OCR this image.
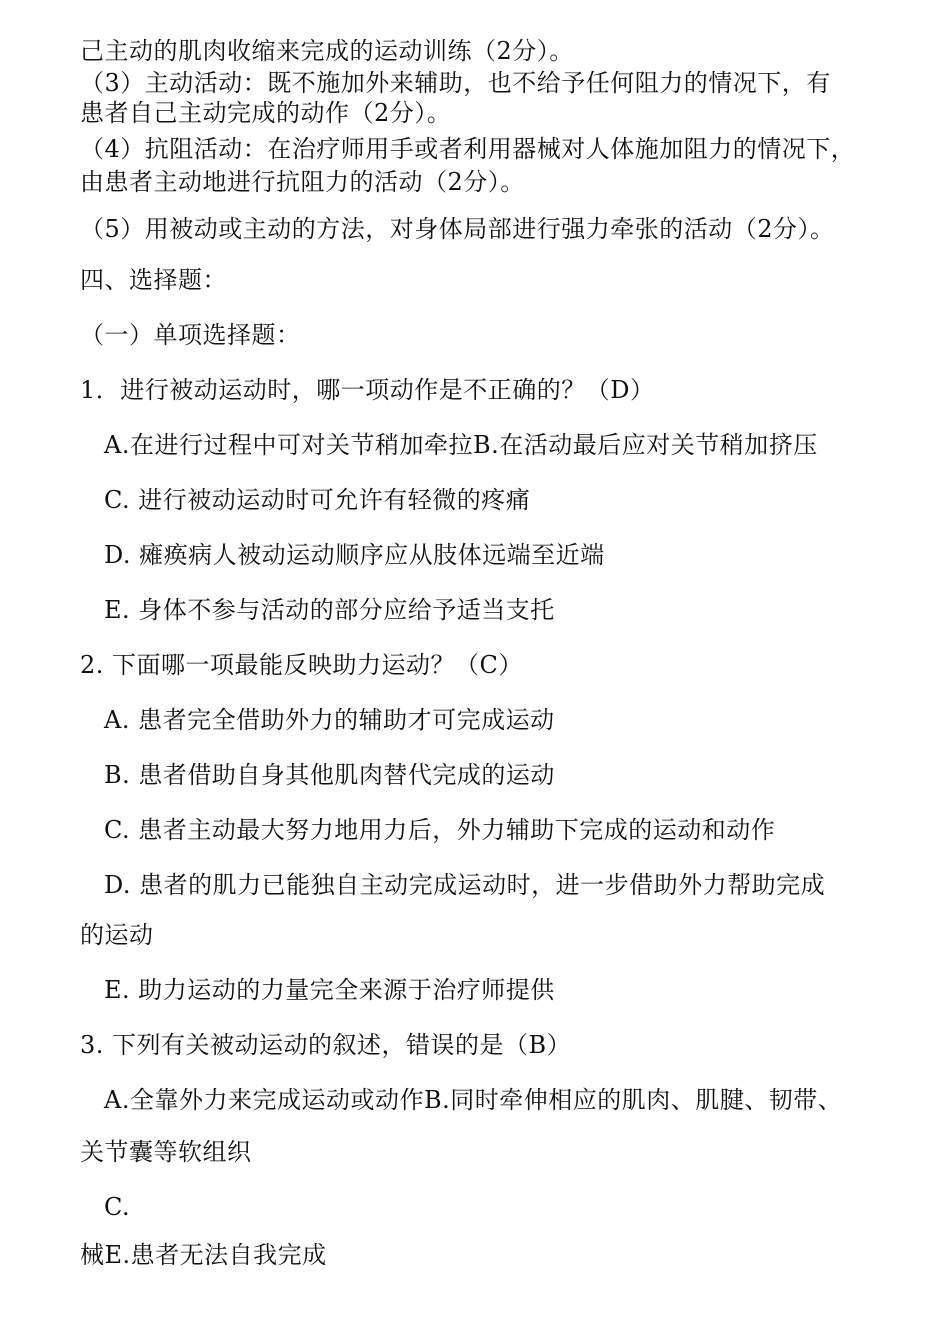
己主动的肌肉收缩来完成的运动训练（2分）。
（3）主动活动：既不施加外来辅助，也不给予任何阻力的情况下，有
患者自己主动完成的动作（2分）。
（4）抗阻活动：在治疗师用手或者利用器械对人体施加阻力的情况下，
由患者主动地进行抗阻力的活动（2分）。
（5）用被动或主动的方法，对身体局部进行强力牵张的活动（2分）。
四、选择题：
（一）单项选择题：
1．进行被动运动时，哪一项动作是不正确的？（D）
A.在进行过程中可对关节稍加牵拉B.在活动最后应对关节稍加挤压
C. 进行被动运动时可允许有轻微的疼痛
D. 瘫痪病人被动运动顺序应从肢体远端至近端
E. 身体不参与活动的部分应给予适当支托
2. 下面哪一项最能反映助力运动？（C）
A. 患者完全借助外力的辅助才可完成运动
B. 患者借助自身其他肌肉替代完成的运动
C. 患者主动最大努力地用力后，外力辅助下完成的运动和动作
D. 患者的肌力已能独自主动完成运动时，进一步借助外力帮助完成
的运动
E. 助力运动的力量完全来源于治疗师提供
3. 下列有关被动运动的叙述，错误的是（B）
A.全靠外力来完成运动或动作B.同时牵伸相应的肌肉、肌腱、韧带、
关节囊等软组织
C.
械E.患者无法自我完成
